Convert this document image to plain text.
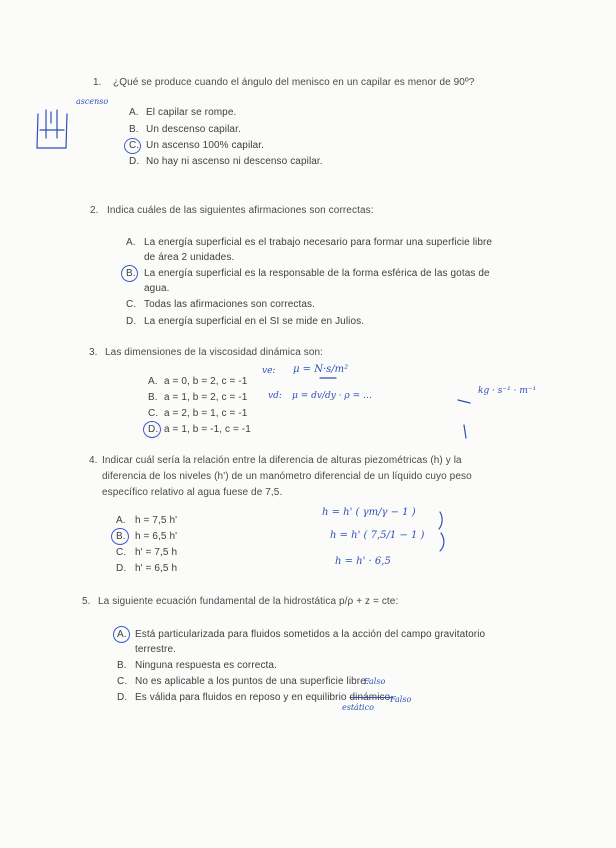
1. ¿Qué se produce cuando el ángulo del menisco en un capilar es menor de 90º?
A. El capilar se rompe.
B. Un descenso capilar.
C. Un ascenso 100% capilar.
D. No hay ni ascenso ni descenso capilar.
2. Indica cuáles de las siguientes afirmaciones son correctas:
A. La energía superficial es el trabajo necesario para formar una superficie libre
de área 2 unidades.
B. La energía superficial es la responsable de la forma esférica de las gotas de
agua.
C. Todas las afirmaciones son correctas.
D. La energía superficial en el SI se mide en Julios.
3. Las dimensiones de la viscosidad dinámica son:
A. a = 0, b = 2, c = -1
B. a = 1, b = 2, c = -1
C. a = 2, b = 1, c = -1
D. a = 1, b = -1, c = -1
4. Indicar cuál sería la relación entre la diferencia de alturas piezométricas (h) y la
diferencia de los niveles (h') de un manómetro diferencial de un líquido cuyo peso
específico relativo al agua fuese de 7,5.
A. h = 7,5 h'
B. h = 6,5 h'
C. h' = 7,5 h
D. h' = 6,5 h
5. La siguiente ecuación fundamental de la hidrostática p/ρ + z = cte:
A. Está particularizada para fluidos sometidos a la acción del campo gravitatorio
terrestre.
B. Ninguna respuesta es correcta.
C. No es aplicable a los puntos de una superficie libre.
D. Es válida para fluidos en reposo y en equilibrio dinámico.
ascenso
ve: μ = N·s/m²
vd: μ = dv/dy · ρ = …	kg · s⁻¹ · m⁻¹
h = h' ( γm/γ − 1 )
h = h' ( 7,5/1 − 1 )
h = h' · 6,5
Falso
Falso
estático
